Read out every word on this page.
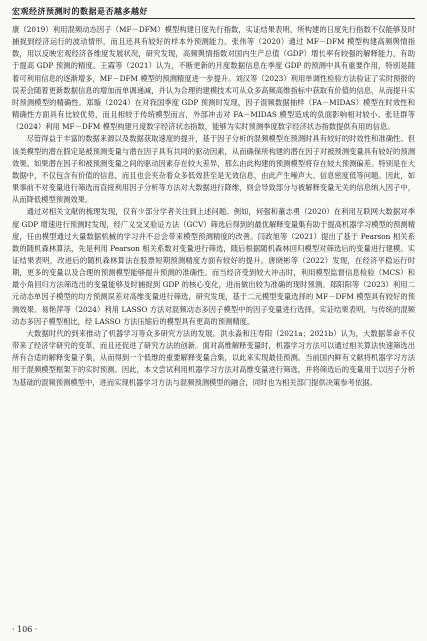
宏观经济预测时的数据是否越多越好

康（2019）利用混频动态因子（MF－DFM）模型构建日度先行指数，实证结果表明，所构建的日度先行指数不仅能够及时捕捉到经济运行的波动情形，而且还具有较好的样本外预测能力。张伟等（2020）通过 MF－DFM 模型构建高频舆情指数，用以反映宏观经济各维度发展状况，研究发现，高频舆情指数对国内生产总值（GDP）增长率有较强的解释能力，有助于提高 GDP 预测的精度。王霞等（2021）认为，不断更新的月度数据信息在季度 GDP 的预测中具有重要作用，特别是随着可利用信息的逐渐增多，MF－DFM 模型的预测精度进一步提升。刘汉等（2023）利用单调性检验方法验证了实时预报的误差会随着更新数据信息的增加而单调递减，并认为合理的建模技术可从众多高频高维指标中获取有价值的信息，从而提升实时预测模型的精确性。郑璇（2024）在对我国季度 GDP 预测时发现，因子混频数据抽样（FA－MIDAS）模型在时效性和精确性方面具有比较优势，而且相较于传统模型而言，外部冲击对 FA－MIDAS 模型造成的负面影响相对较小。张廷群等（2024）利用 MF－DFM 模型构建月度数字经济状态指数，能够为实时预测季度数字经济状态指数提供有用的信息。

尽管得益于丰富的数据来源以及数据获取速度的提升，基于因子分析的混频模型在预测时具有较好的时效性和准确性。但该类模型的潜在假定是被预测变量与潜在因子具有共同的驱动因素，从而确保所构建的潜在因子对被预测变量具有较好的预测效果。如果潜在因子和被预测变量之间的驱动因素存在较大差异，那么由此构建的预测模型将存在较大预测偏差。特别是在大数据中，不仅包含有价值的信息，而且也会夹杂着众多低效甚至是无效信息，由此产生噪声大、信息密度低等问题。因此，如果事前不对变量进行筛选而直接利用因子分析等方法对大数据进行降维，则会导致部分与被解释变量无关的信息纳入因子中，从而降低模型预测效果。

通过对相关文献的梳理发现，仅有少部分学者关注到上述问题。例如，何强和董志勇（2020）在利用互联网大数据对季度 GDP 增速进行预测时发现，经广义交叉验证方法（GCV）筛选后得到的最优解释变量集有助于提高机器学习模型的预测精度，任由模型通过大量数据机械的学习并不总会带来模型预测精度的改善。闫政旭等（2021）提出了基于 Pearson 相关系数的随机森林算法，先是利用 Pearson 相关系数对变量进行筛选，随后根据随机森林回归模型对筛选后的变量进行建模。实证结果表明，改进后的随机森林算法在股票短期预测精度方面有较好的提升。唐晓彬等（2022）发现，在经济平稳运行时期，更多的变量以及合理的预测模型能够提升预测的准确性。而当经济受到较大冲击时，利用模型监督信息检验（MCS）和最小角回归方法筛选出的变量能够及时捕捉到 GDP 的核心变化，进而做出较为准确的现时预测。郑阳阳等（2023）利用二元动态单因子模型的均方预测误差对高维变量进行筛选，研究发现，基于二元模型变量选择的 MF－DFM 模型具有较好的预测效果。易艳萍等（2024）利用 LASSO 方法对混频动态多因子模型中的因子变量进行选择，实证结果表明，与传统的混频动态多因子模型相比，经 LASSO 方法压缩后的模型具有更高的预测精度。

大数据时代的到来推动了机器学习等众多研究方法的发展。洪永淼和汪寿阳（2021a；2021b）认为，大数据革命不仅带来了经济学研究的变革，而且还促进了研究方法的创新。面对高维解释变量时，机器学习方法可以通过相关算法快速筛选出所有合适的解释变量子集，从而得到一个低维的重要解释变量合集，以此来实现最佳预测。当前国内鲜有文献将机器学习方法用于混频模型框架下的实时预测。因此，本文尝试利用机器学习方法对高维变量进行筛选，并将筛选后的变量用于以因子分析为基础的混频预测模型中，进而实现机器学习方法与混频预测模型的融合，同时也为相关部门提供决策参考依据。

· 106 ·
